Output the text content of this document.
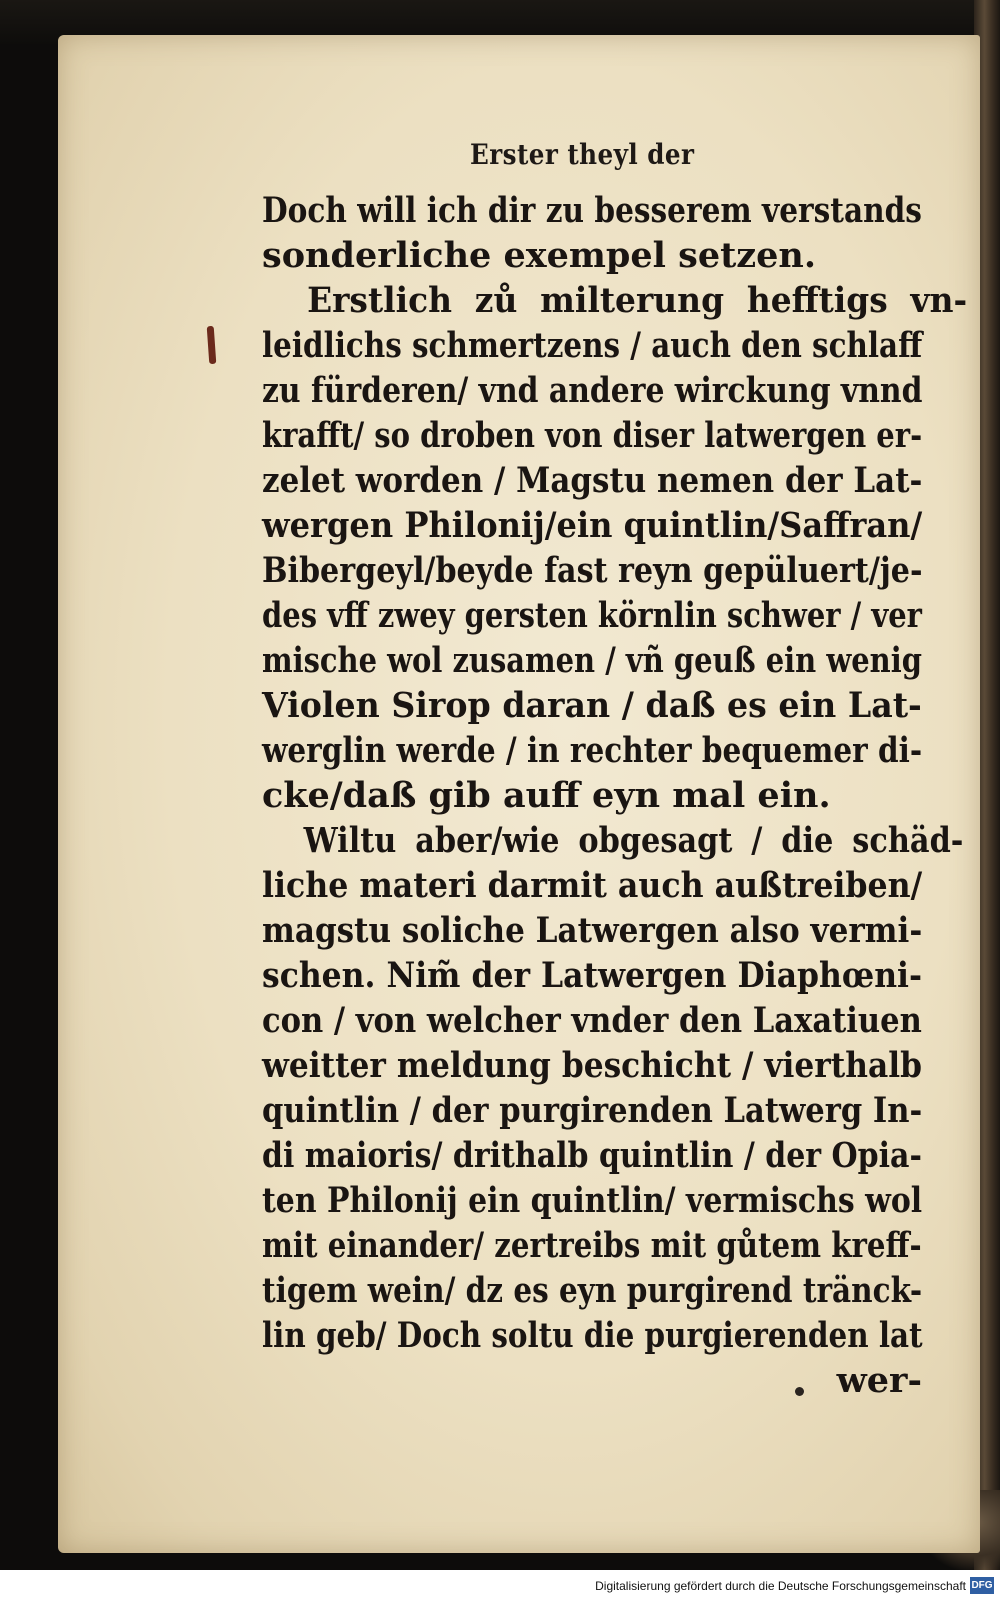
Erster theyl der
Doch will ich dir zu besserem verstands
sonderliche exempel setzen.
Erstlich zů milterung hefftigs vn-
leidlichs schmertzens / auch den schlaff
zu fürderen/ vnd andere wirckung vnnd
krafft/ so droben von diser latwergen er-
zelet worden / Magstu nemen der Lat-
wergen Philonij/ein quintlin/Saffran/
Bibergeyl/beyde fast reyn gepüluert/je-
des vff zwey gersten körnlin schwer / ver
mische wol zusamen / vñ geuß ein wenig
Violen Sirop daran / daß es ein Lat-
werglin werde / in rechter bequemer di-
cke/daß gib auff eyn mal ein.
Wiltu aber/wie obgesagt / die schäd-
liche materi darmit auch außtreiben/
magstu soliche Latwergen also vermi-
schen. Nim̃ der Latwergen Diaphœni-
con / von welcher vnder den Laxatiuen
weitter meldung beschicht / vierthalb
quintlin / der purgirenden Latwerg In-
di maioris/ drithalb quintlin / der Opia-
ten Philonij ein quintlin/ vermischs wol
mit einander/ zertreibs mit gůtem kreff-
tigem wein/ dz es eyn purgirend tränck-
lin geb/ Doch soltu die purgierenden lat
wer-
Digitalisierung gefördert durch die Deutsche Forschungsgemeinschaft DFG
